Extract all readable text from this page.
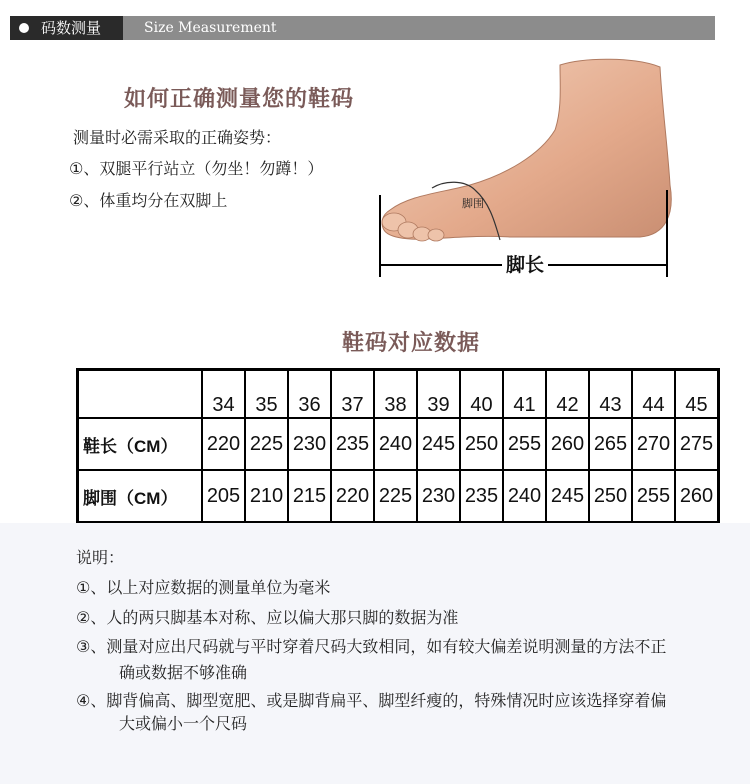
码数测量	Size Measurement
如何正确测量您的鞋码
测量时必需采取的正确姿势：
①、双腿平行站立（勿坐！勿蹲！）
②、体重均分在双脚上	脚围
脚长
鞋码对应数据
	34	35	36	37	38	39	40	41	42	43	44	45
鞋长（CM）	220	225	230	235	240	245	250	255	260	265	270	275
脚围（CM）	205	210	215	220	225	230	235	240	245	250	255	260
说明：
①、以上对应数据的测量单位为毫米
②、人的两只脚基本对称、应以偏大那只脚的数据为准
③、测量对应出尺码就与平时穿着尺码大致相同，如有较大偏差说明测量的方法不正
确或数据不够准确
④、脚背偏高、脚型宽肥、或是脚背扁平、脚型纤瘦的，特殊情况时应该选择穿着偏
大或偏小一个尺码
